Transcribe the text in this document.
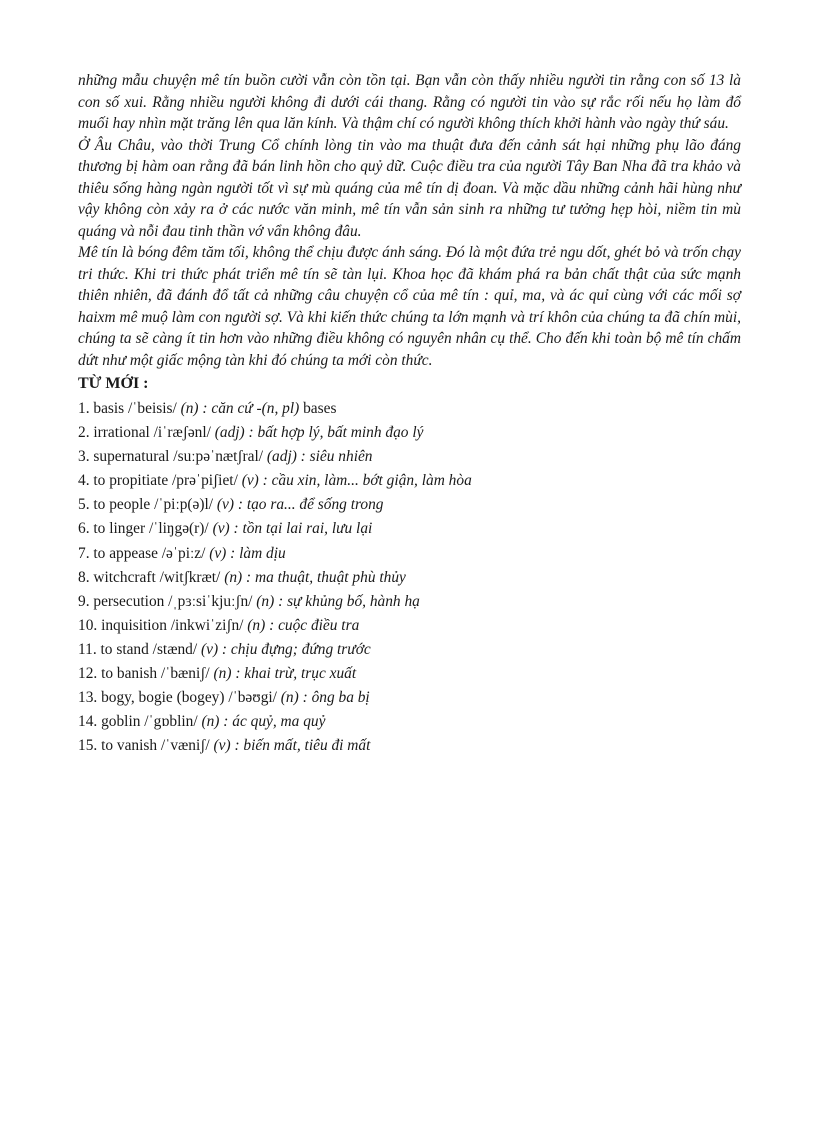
những mẫu chuyện mê tín buồn cười vẫn còn tồn tại. Bạn vẫn còn thấy nhiều người tin rằng con số 13 là con số xui. Rằng nhiều người không đi dưới cái thang. Rằng có người tin vào sự rắc rối nếu họ làm đổ muối hay nhìn mặt trăng lên qua lăn kính. Và thậm chí có người không thích khởi hành vào ngày thứ sáu.

Ở Âu Châu, vào thời Trung Cổ chính lòng tin vào ma thuật đưa đến cảnh sát hại những phụ lão đáng thương bị hàm oan rằng đã bán linh hồn cho quỷ dữ. Cuộc điều tra của người Tây Ban Nha đã tra khảo và thiêu sống hàng ngàn người tốt vì sự mù quáng của mê tín dị đoan. Và mặc dầu những cảnh hãi hùng như vậy không còn xảy ra ở các nước văn minh, mê tín vẫn sản sinh ra những tư tưởng hẹp hòi, niềm tin mù quáng và nỗi đau tinh thần vớ vẩn không đâu.

Mê tín là bóng đêm tăm tối, không thể chịu được ánh sáng. Đó là một đứa trẻ ngu dốt, ghét bỏ và trốn chạy tri thức. Khi tri thức phát triển mê tín sẽ tàn lụi. Khoa học đã khám phá ra bản chất thật của sức mạnh thiên nhiên, đã đánh đổ tất cả những câu chuyện cổ của mê tín : quỉ, ma, và ác quỉ cùng với các mối sợ haixm mê muộ làm con người sợ. Và khi kiến thức chúng ta lớn mạnh và trí khôn của chúng ta đã chín mùi, chúng ta sẽ càng ít tin hơn vào những điều không có nguyên nhân cụ thể. Cho đến khi toàn bộ mê tín chấm dứt như một giấc mộng tàn khi đó chúng ta mới còn thức.

TỪ MỚI :
1. basis /ˈbeisis/ (n) : căn cứ -(n, pl) bases
2. irrational /iˈræʃənl/ (adj) : bất hợp lý, bất minh đạo lý
3. supernatural /suːpəˈnætʃral/ (adj) : siêu nhiên
4. to propitiate /prəˈpiʃiet/ (v) : cầu xin, làm... bớt giận, làm hòa
5. to people /ˈpiːp(ə)l/ (v) : tạo ra... để sống trong
6. to linger /ˈliŋgə(r)/ (v) : tồn tại lai rai, lưu lại
7. to appease /əˈpiːz/ (v) : làm dịu
8. witchcraft /witʃkræt/ (n) : ma thuật, thuật phù thủy
9. persecution /ˌpɜːsiˈkjuːʃn/ (n) : sự khủng bố, hành hạ
10. inquisition /inkwiˈziʃn/ (n) : cuộc điều tra
11. to stand /stænd/ (v) : chịu đựng; đứng trước
12. to banish /ˈbæniʃ/ (n) : khai trừ, trục xuất
13. bogy, bogie (bogey) /ˈbəʊgi/ (n) : ông ba bị
14. goblin /ˈgɒblin/ (n) : ác quỷ, ma quỷ
15. to vanish /ˈvæniʃ/ (v) : biến mất, tiêu đi mất
